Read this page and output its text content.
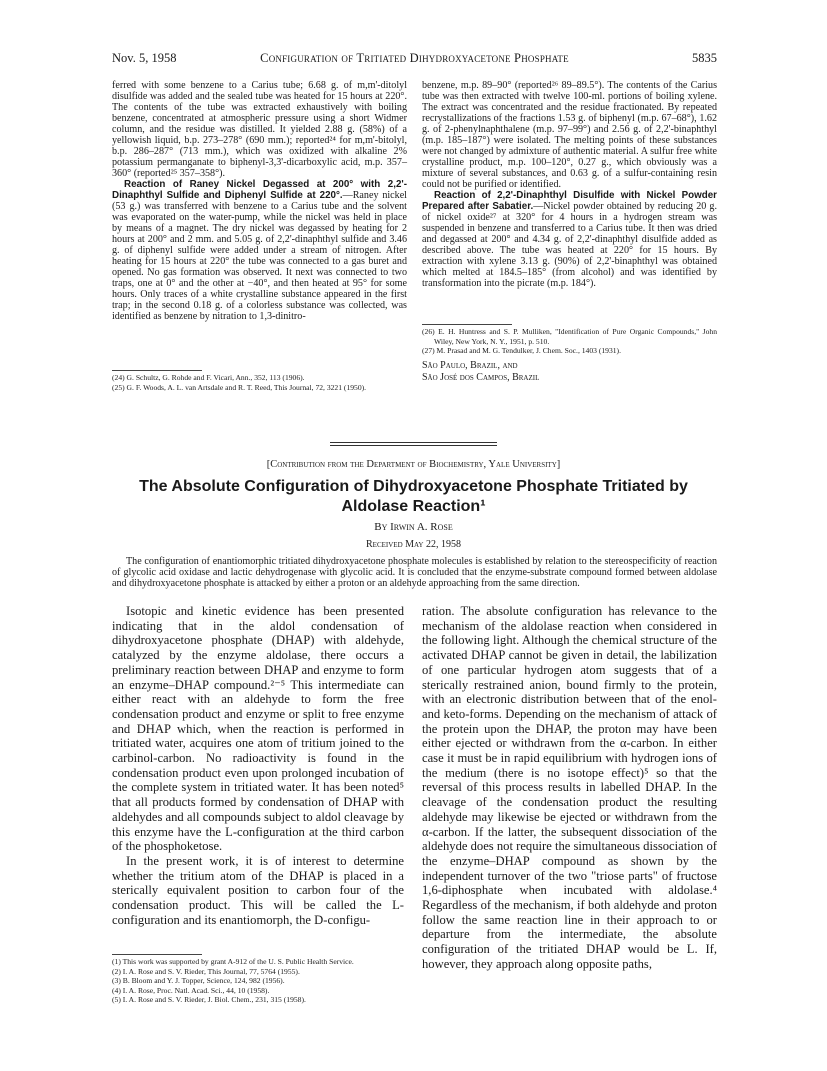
Nov. 5, 1958	Configuration of Tritiated Dihydroxyacetone Phosphate	5835

ferred with some benzene to a Carius tube; 6.68 g. of m,m'-ditolyl disulfide was added and the sealed tube was heated for 15 hours at 220°. The contents of the tube was extracted exhaustively with boiling benzene, concentrated at atmospheric pressure using a short Widmer column, and the residue was distilled. It yielded 2.88 g. (58%) of a yellowish liquid, b.p. 273–278° (690 mm.); reported²⁴ for m,m'-bitolyl, b.p. 286–287° (713 mm.), which was oxidized with alkaline 2% potassium permanganate to biphenyl-3,3'-dicarboxylic acid, m.p. 357–360° (reported²⁵ 357–358°).

Reaction of Raney Nickel Degassed at 200° with 2,2'-Dinaphthyl Sulfide and Diphenyl Sulfide at 220°.—Raney nickel (53 g.) was transferred with benzene to a Carius tube and the solvent was evaporated on the water-pump, while the nickel was held in place by means of a magnet. The dry nickel was degassed by heating for 2 hours at 200° and 2 mm. and 5.05 g. of 2,2'-dinaphthyl sulfide and 3.46 g. of diphenyl sulfide were added under a stream of nitrogen. After heating for 15 hours at 220° the tube was connected to a gas buret and opened. No gas formation was observed. It next was connected to two traps, one at 0° and the other at −40°, and then heated at 95° for some hours. Only traces of a white crystalline substance appeared in the first trap; in the second 0.18 g. of a colorless substance was collected, was identified as benzene by nitration to 1,3-dinitro-

(24) G. Schultz, G. Rohde and F. Vicari, Ann., 352, 113 (1906).

(25) G. F. Woods, A. L. van Artsdale and R. T. Reed, This Journal, 72, 3221 (1950).

benzene, m.p. 89–90° (reported²⁶ 89–89.5°). The contents of the Carius tube was then extracted with twelve 100-ml. portions of boiling xylene. The extract was concentrated and the residue fractionated. By repeated recrystallizations of the fractions 1.53 g. of biphenyl (m.p. 67–68°), 1.62 g. of 2-phenylnaphthalene (m.p. 97–99°) and 2.56 g. of 2,2'-binaphthyl (m.p. 185–187°) were isolated. The melting points of these substances were not changed by admixture of authentic material. A sulfur free white crystalline product, m.p. 100–120°, 0.27 g., which obviously was a mixture of several substances, and 0.63 g. of a sulfur-containing resin could not be purified or identified.

Reaction of 2,2'-Dinaphthyl Disulfide with Nickel Powder Prepared after Sabatier.—Nickel powder obtained by reducing 20 g. of nickel oxide²⁷ at 320° for 4 hours in a hydrogen stream was suspended in benzene and transferred to a Carius tube. It then was dried and degassed at 200° and 4.34 g. of 2,2'-dinaphthyl disulfide added as described above. The tube was heated at 220° for 15 hours. By extraction with xylene 3.13 g. (90%) of 2,2'-binaphthyl was obtained which melted at 184.5–185° (from alcohol) and was identified by transformation into the picrate (m.p. 184°).

(26) E. H. Huntress and S. P. Mulliken, "Identification of Pure Organic Compounds," John Wiley, New York, N. Y., 1951, p. 510.

(27) M. Prasad and M. G. Tendulker, J. Chem. Soc., 1403 (1931).

São Paulo, Brazil, and
São José dos Campos, Brazil
[Contribution from the Department of Biochemistry, Yale University]
The Absolute Configuration of Dihydroxyacetone Phosphate Tritiated by Aldolase Reaction¹
By Irwin A. Rose
Received May 22, 1958
The configuration of enantiomorphic tritiated dihydroxyacetone phosphate molecules is established by relation to the stereospecificity of reaction of glycolic acid oxidase and lactic dehydrogenase with glycolic acid. It is concluded that the enzyme-substrate compound formed between aldolase and dihydroxyacetone phosphate is attacked by either a proton or an aldehyde approaching from the same direction.

Isotopic and kinetic evidence has been presented indicating that in the aldol condensation of dihydroxyacetone phosphate (DHAP) with aldehyde, catalyzed by the enzyme aldolase, there occurs a preliminary reaction between DHAP and enzyme to form an enzyme–DHAP compound.²⁻⁵ This intermediate can either react with an aldehyde to form the free condensation product and enzyme or split to free enzyme and DHAP which, when the reaction is performed in tritiated water, acquires one atom of tritium joined to the carbinol-carbon. No radioactivity is found in the condensation product even upon prolonged incubation of the complete system in tritiated water. It has been noted⁵ that all products formed by condensation of DHAP with aldehydes and all compounds subject to aldol cleavage by this enzyme have the L-configuration at the third carbon of the phosphoketose.

In the present work, it is of interest to determine whether the tritium atom of the DHAP is placed in a sterically equivalent position to carbon four of the condensation product. This will be called the L-configuration and its enantiomorph, the D-configu-

(1) This work was supported by grant A-912 of the U. S. Public Health Service.

(2) I. A. Rose and S. V. Rieder, This Journal, 77, 5764 (1955).

(3) B. Bloom and Y. J. Topper, Science, 124, 982 (1956).

(4) I. A. Rose, Proc. Natl. Acad. Sci., 44, 10 (1958).

(5) I. A. Rose and S. V. Rieder, J. Biol. Chem., 231, 315 (1958).

ration. The absolute configuration has relevance to the mechanism of the aldolase reaction when considered in the following light. Although the chemical structure of the activated DHAP cannot be given in detail, the labilization of one particular hydrogen atom suggests that of a sterically restrained anion, bound firmly to the protein, with an electronic distribution between that of the enol- and keto-forms. Depending on the mechanism of attack of the protein upon the DHAP, the proton may have been either ejected or withdrawn from the α-carbon. In either case it must be in rapid equilibrium with hydrogen ions of the medium (there is no isotope effect)⁵ so that the reversal of this process results in labelled DHAP. In the cleavage of the condensation product the resulting aldehyde may likewise be ejected or withdrawn from the α-carbon. If the latter, the subsequent dissociation of the aldehyde does not require the simultaneous dissociation of the enzyme–DHAP compound as shown by the independent turnover of the two "triose parts" of fructose 1,6-diphosphate when incubated with aldolase.⁴ Regardless of the mechanism, if both aldehyde and proton follow the same reaction line in their approach to or departure from the intermediate, the absolute configuration of the tritiated DHAP would be L. If, however, they approach along opposite paths,
